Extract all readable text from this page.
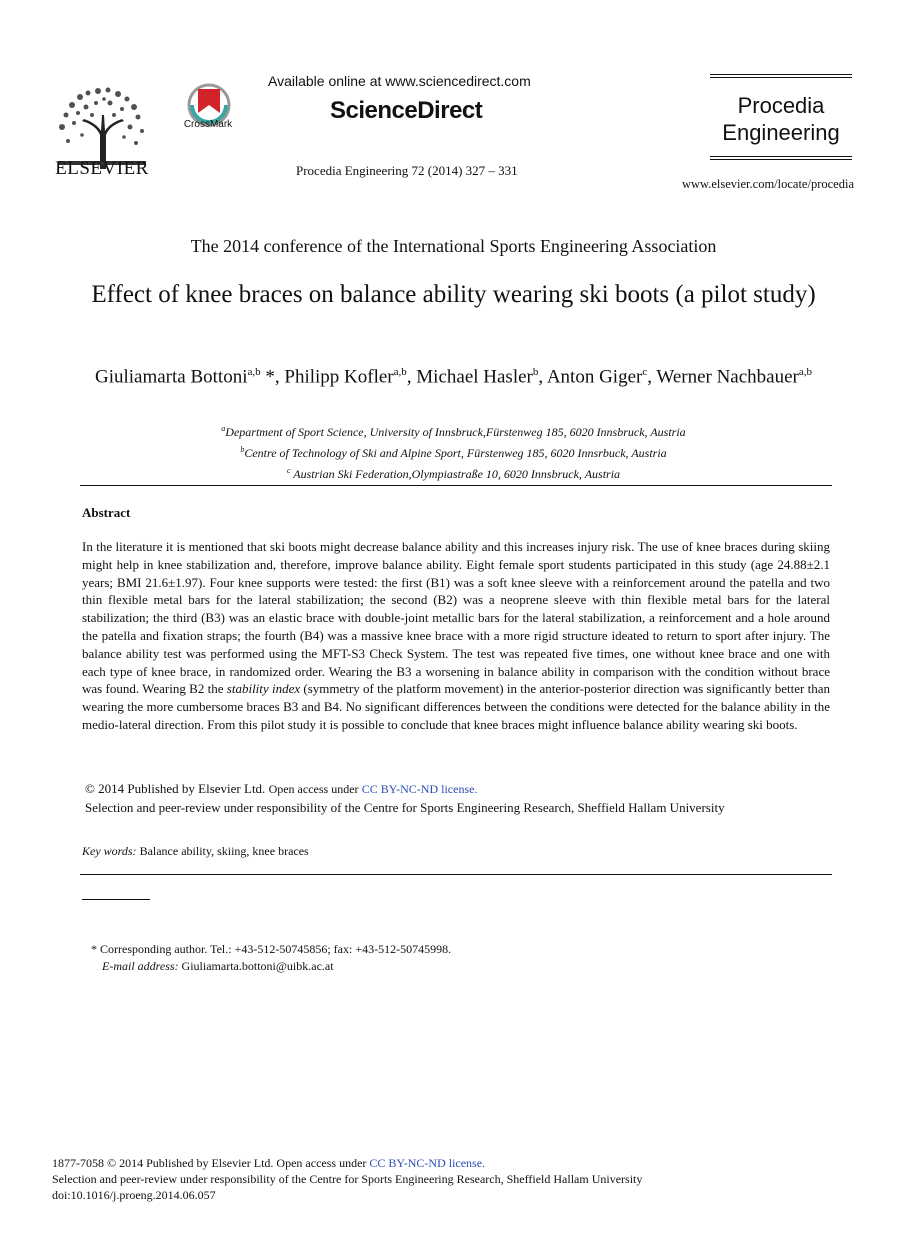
ELSEVIER
CrossMark
Available online at www.sciencedirect.com
ScienceDirect
Procedia Engineering 72 (2014) 327 – 331
Procedia
Engineering
www.elsevier.com/locate/procedia
The 2014 conference of the International Sports Engineering Association
Effect of knee braces on balance ability wearing ski boots (a pilot study)
Giuliamarta Bottoni$^{a,b}$ *, Philipp Kofler$^{a,b}$, Michael Hasler$^b$, Anton Giger$^c$, Werner Nachbauer$^{a,b}$
$^a$Department of Sport Science, University of Innsbruck,Fürstenweg 185, 6020 Innsbruck, Austria
$^b$Centre of Technology of Ski and Alpine Sport, Fürstenweg 185, 6020 Innsrbuck, Austria
$^c$ Austrian Ski Federation,Olympiastraße 10, 6020 Innsbruck, Austria
Abstract
In the literature it is mentioned that ski boots might decrease balance ability and this increases injury risk. The use of knee braces during skiing might help in knee stabilization and, therefore, improve balance ability. Eight female sport students participated in this study (age 24.88±2.1 years; BMI 21.6±1.97). Four knee supports were tested: the first (B1) was a soft knee sleeve with a reinforcement around the patella and two thin flexible metal bars for the lateral stabilization; the second (B2) was a neoprene sleeve with thin flexible metal bars for the lateral stabilization; the third (B3) was an elastic brace with double-joint metallic bars for the lateral stabilization, a reinforcement and a hole around the patella and fixation straps; the fourth (B4) was a massive knee brace with a more rigid structure ideated to return to sport after injury. The balance ability test was performed using the MFT-S3 Check System. The test was repeated five times, one without knee brace and one with each type of knee brace, in randomized order. Wearing the B3 a worsening in balance ability in comparison with the condition without brace was found. Wearing B2 the stability index (symmetry of the platform movement) in the anterior-posterior direction was significantly better than wearing the more cumbersome braces B3 and B4. No significant differences between the conditions were detected for the balance ability in the medio-lateral direction. From this pilot study it is possible to conclude that knee braces might influence balance ability wearing ski boots.
© 2014 Published by Elsevier Ltd. Open access under CC BY-NC-ND license.
Selection and peer-review under responsibility of the Centre for Sports Engineering Research, Sheffield Hallam University
Key words: Balance ability, skiing, knee braces
* Corresponding author. Tel.: +43-512-50745856; fax: +43-512-50745998.
E-mail address: Giuliamarta.bottoni@uibk.ac.at
1877-7058 © 2014 Published by Elsevier Ltd. Open access under CC BY-NC-ND license.
Selection and peer-review under responsibility of the Centre for Sports Engineering Research, Sheffield Hallam University
doi:10.1016/j.proeng.2014.06.057
